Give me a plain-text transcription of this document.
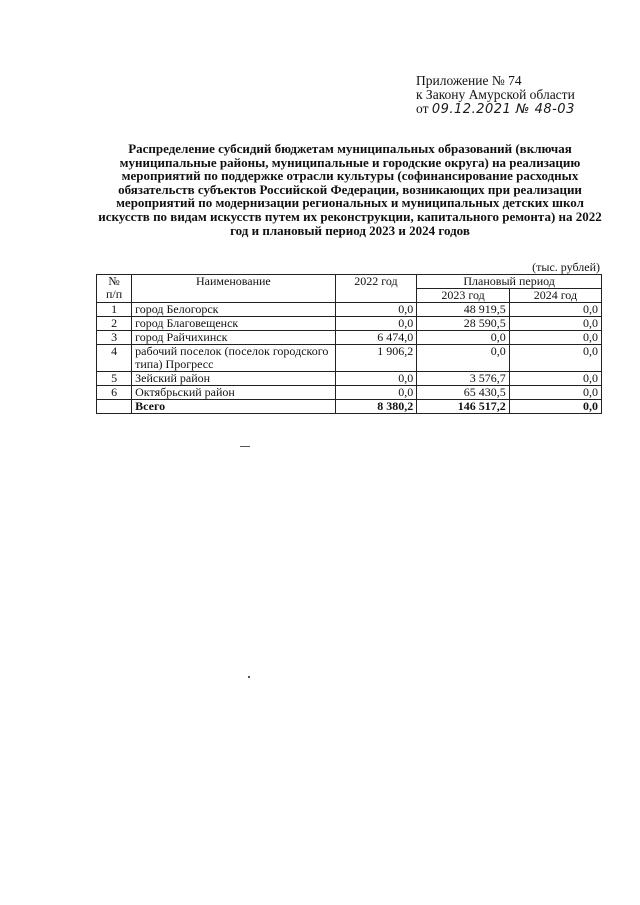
Приложение № 74
к Закону Амурской области
от 09.12.2021 № 48-03
Распределение субсидий бюджетам муниципальных образований (включая муниципальные районы, муниципальные и городские округа) на реализацию мероприятий по поддержке отрасли культуры (софинансирование расходных обязательств субъектов Российской Федерации, возникающих при реализации мероприятий по модернизации региональных и муниципальных детских школ искусств по видам искусств путем их реконструкции, капитального ремонта) на 2022 год и плановый период 2023 и 2024 годов
(тыс. рублей)
№
п/п	Наименование	2022 год	Плановый период	
			2023 год	2024 год
1	город Белогорск	0,0	48 919,5	0,0
2	город Благовещенск	0,0	28 590,5	0,0
3	город Райчихинск	6 474,0	0,0	0,0
4	рабочий поселок (поселок городского типа) Прогресс	1 906,2	0,0	0,0
5	Зейский район	0,0	3 576,7	0,0
6	Октябрьский район	0,0	65 430,5	0,0
	Всего	8 380,2	146 517,2	0,0
